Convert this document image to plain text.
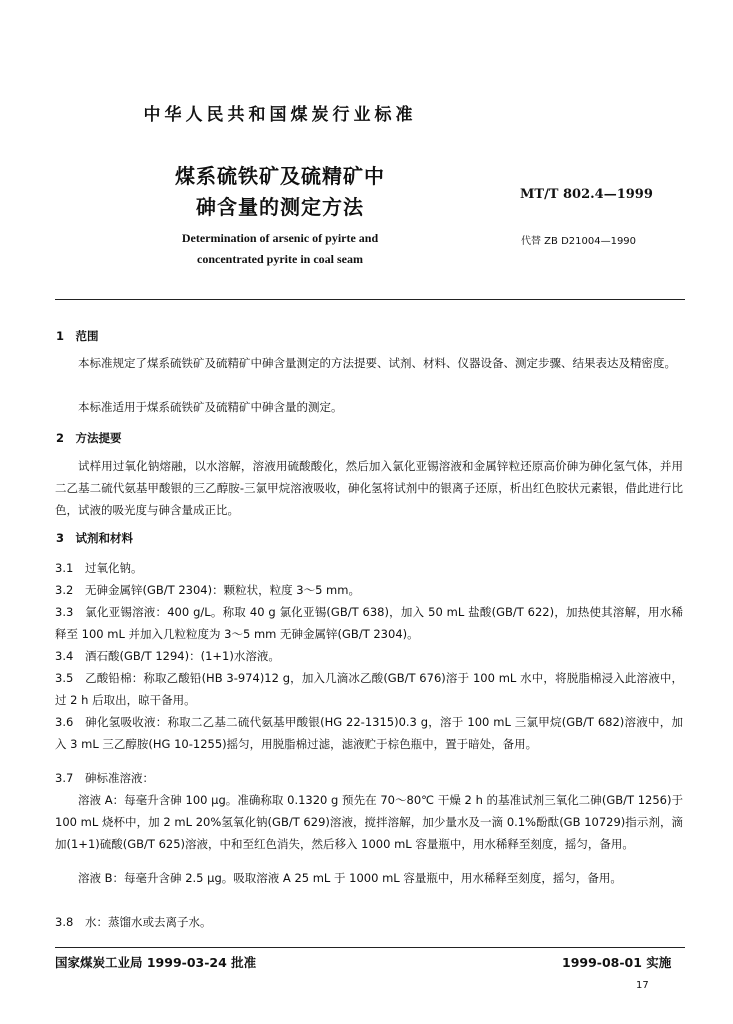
中华人民共和国煤炭行业标准
煤系硫铁矿及硫精矿中
砷含量的测定方法
MT/T 802.4—1999
Determination of arsenic of pyirte and
concentrated pyrite in coal seam
代替 ZB D21004—1990
1　范围
本标准规定了煤系硫铁矿及硫精矿中砷含量测定的方法提要、试剂、材料、仪器设备、测定步骤、结果表达及精密度。
本标准适用于煤系硫铁矿及硫精矿中砷含量的测定。
2　方法提要
试样用过氧化钠熔融，以水溶解，溶液用硫酸酸化，然后加入氯化亚锡溶液和金属锌粒还原高价砷为砷化氢气体，并用二乙基二硫代氨基甲酸银的三乙醇胺-三氯甲烷溶液吸收，砷化氢将试剂中的银离子还原，析出红色胶状元素银，借此进行比色，试液的吸光度与砷含量成正比。
3　试剂和材料
3.1 过氧化钠。
3.2 无砷金属锌(GB/T 2304)：颗粒状，粒度 3～5 mm。
3.3 氯化亚锡溶液：400 g/L。称取 40 g 氯化亚锡(GB/T 638)，加入 50 mL 盐酸(GB/T 622)，加热使其溶解，用水稀释至 100 mL 并加入几粒粒度为 3～5 mm 无砷金属锌(GB/T 2304)。
3.4 酒石酸(GB/T 1294)：(1+1)水溶液。
3.5 乙酸铅棉：称取乙酸铅(HB 3-974)12 g，加入几滴冰乙酸(GB/T 676)溶于 100 mL 水中，将脱脂棉浸入此溶液中，过 2 h 后取出，晾干备用。
3.6 砷化氢吸收液：称取二乙基二硫代氨基甲酸银(HG 22-1315)0.3 g，溶于 100 mL 三氯甲烷(GB/T 682)溶液中，加入 3 mL 三乙醇胺(HG 10-1255)摇匀，用脱脂棉过滤，滤液贮于棕色瓶中，置于暗处，备用。
3.7 砷标准溶液：
溶液 A：每毫升含砷 100 μg。准确称取 0.1320 g 预先在 70～80℃ 干燥 2 h 的基准试剂三氧化二砷(GB/T 1256)于 100 mL 烧杯中，加 2 mL 20%氢氧化钠(GB/T 629)溶液，搅拌溶解，加少量水及一滴 0.1%酚酞(GB 10729)指示剂，滴加(1+1)硫酸(GB/T 625)溶液，中和至红色消失，然后移入 1000 mL 容量瓶中，用水稀释至刻度，摇匀，备用。
溶液 B：每毫升含砷 2.5 μg。吸取溶液 A 25 mL 于 1000 mL 容量瓶中，用水稀释至刻度，摇匀，备用。
3.8 水：蒸馏水或去离子水。
国家煤炭工业局 1999-03-24 批准	1999-08-01 实施
17
